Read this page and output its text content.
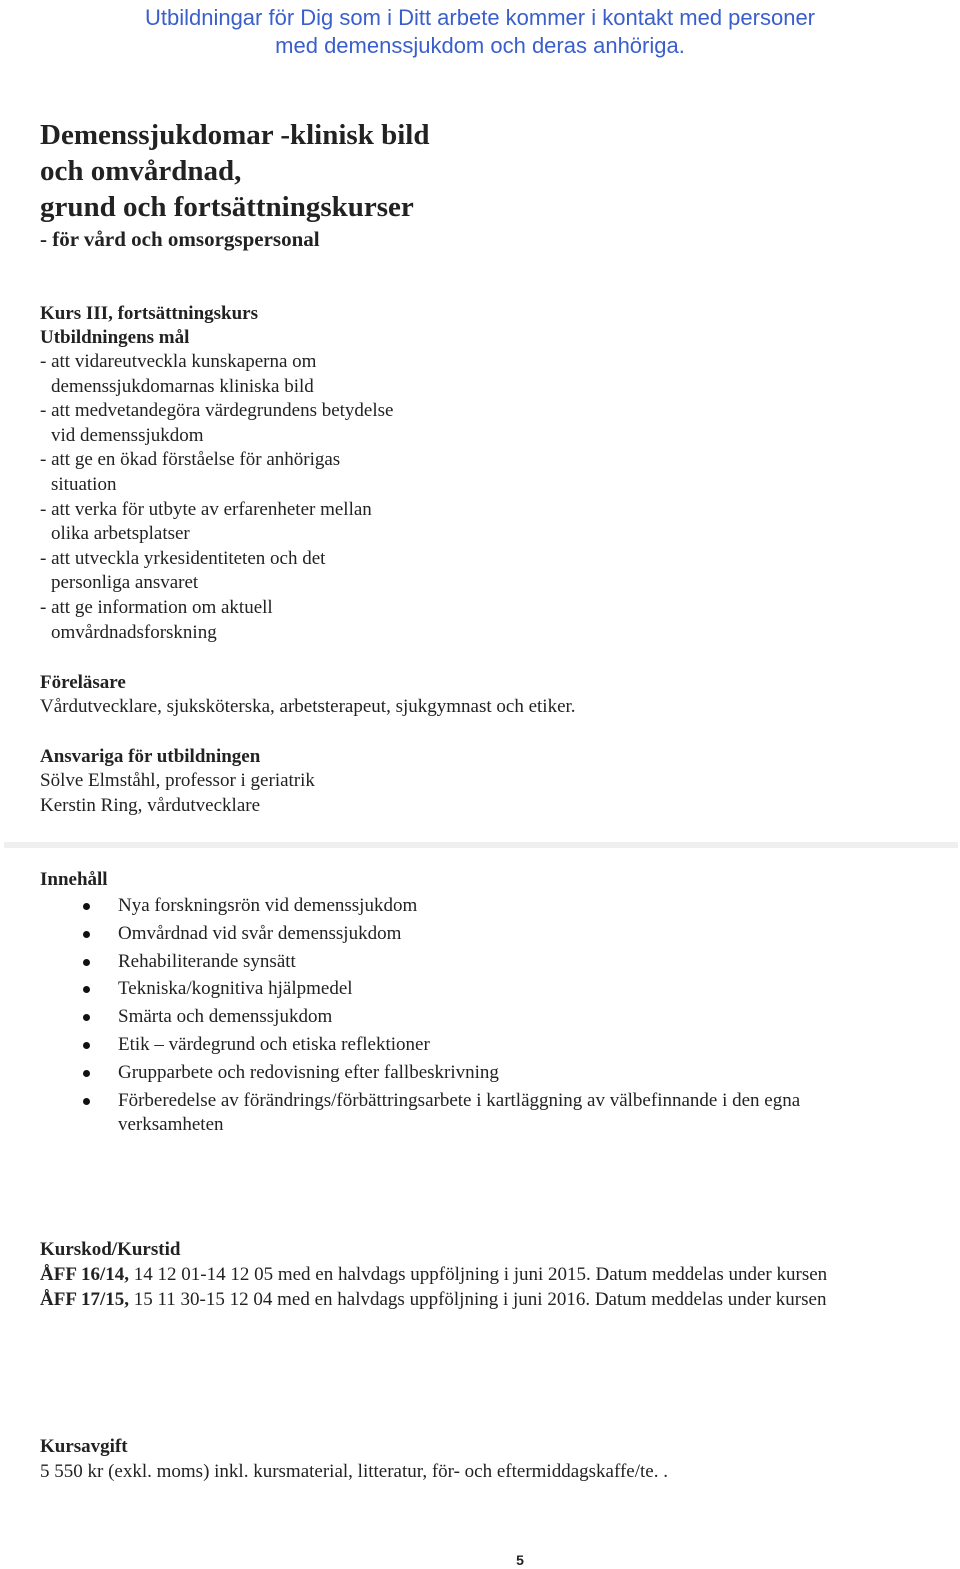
Utbildningar för Dig som i Ditt arbete kommer i kontakt med personer

med demenssjukdom och deras anhöriga.

Demenssjukdomar -klinisk bild
och omvårdnad,
grund och fortsättningskurser

- för vård och omsorgspersonal

Kurs III, fortsättningskurs

Utbildningens mål

- att vidareutveckla kunskaperna om
demenssjukdomarnas kliniska bild
- att medvetandegöra värdegrundens betydelse
vid demenssjukdom
- att ge en ökad förståelse för anhörigas
situation
- att verka för utbyte av erfarenheter mellan
olika arbetsplatser
- att utveckla yrkesidentiteten och det
personliga ansvaret
- att ge information om aktuell
omvårdnadsforskning

Föreläsare

Vårdutvecklare, sjuksköterska, arbetsterapeut, sjukgymnast och etiker.

Ansvariga för utbildningen

Sölve Elmståhl, professor i geriatrik

Kerstin Ring, vårdutvecklare

Innehåll

Nya forskningsrön vid demenssjukdom
Omvårdnad vid svår demenssjukdom
Rehabiliterande synsätt
Tekniska/kognitiva hjälpmedel
Smärta och demenssjukdom
Etik – värdegrund och etiska reflektioner
Grupparbete och redovisning efter fallbeskrivning
Förberedelse av förändrings/förbättringsarbete i kartläggning av välbefinnande i den egna verksamheten

Kurskod/Kurstid

ÅFF 16/14, 14 12 01-14 12 05 med en halvdags uppföljning i juni 2015. Datum meddelas under kursen

ÅFF 17/15, 15 11 30-15 12 04 med en halvdags uppföljning i juni 2016. Datum meddelas under kursen

Kursavgift

5 550 kr (exkl. moms) inkl. kursmaterial, litteratur, för- och eftermiddagskaffe/te. .

5
